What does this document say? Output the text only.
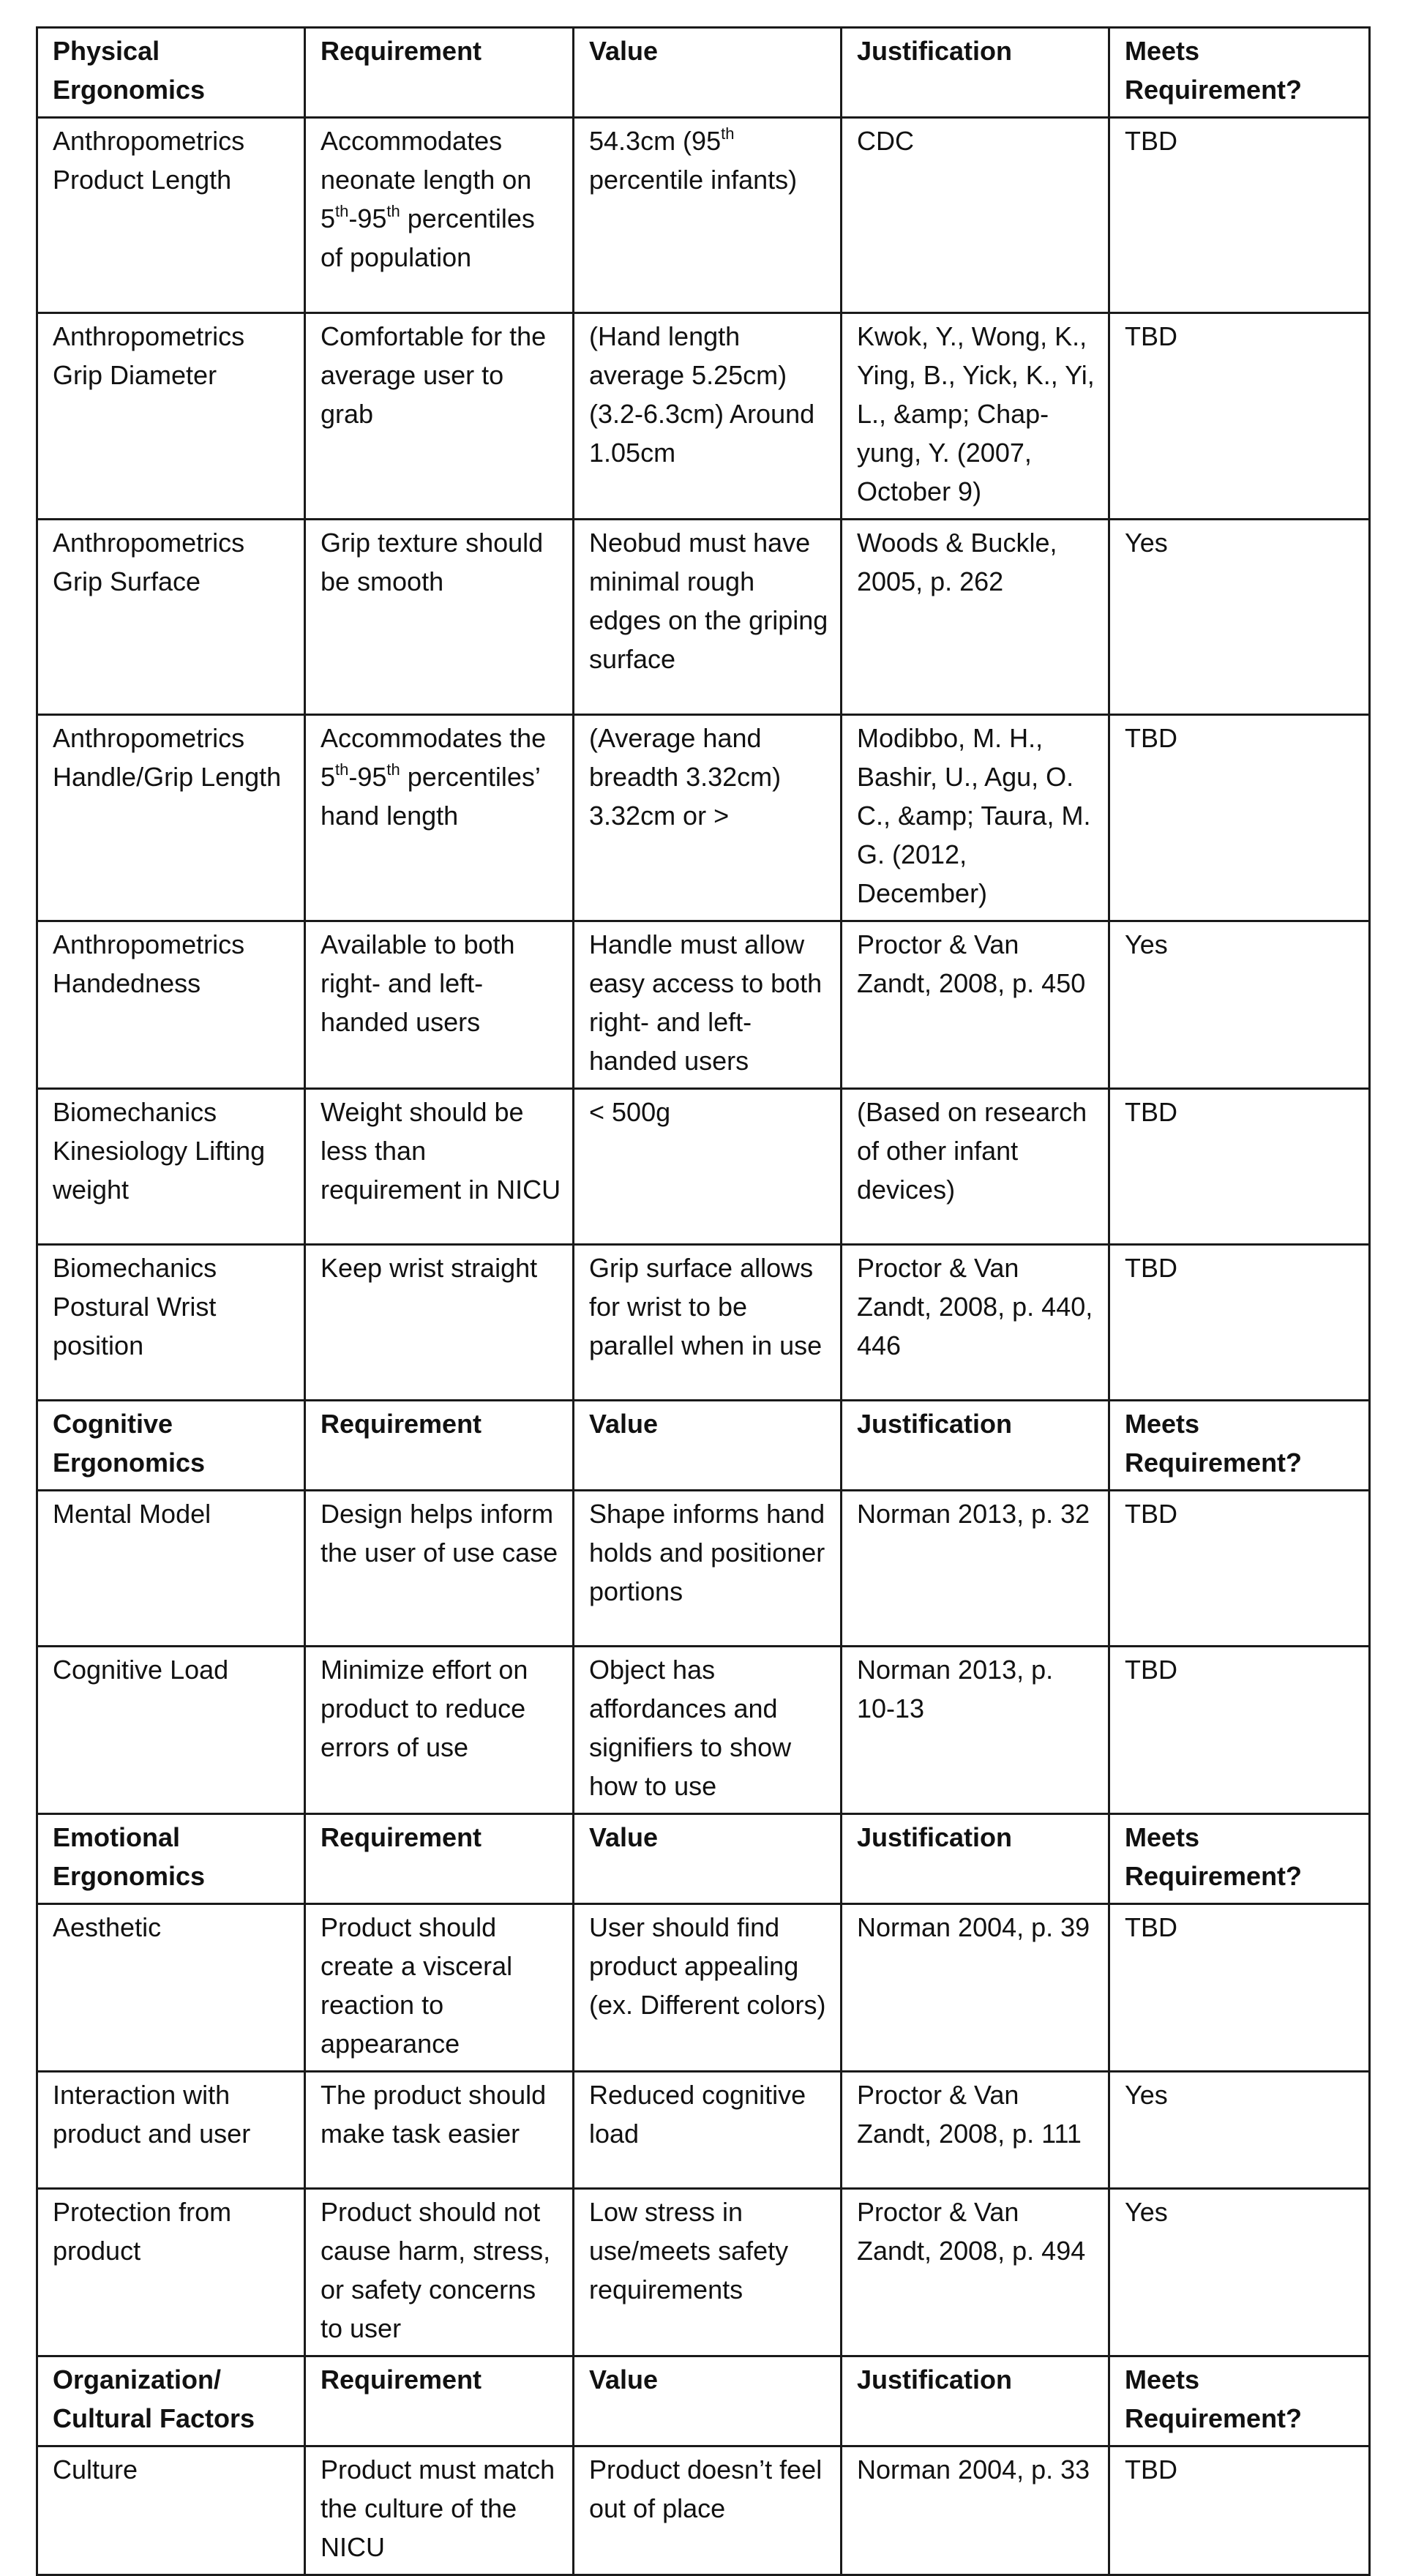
Physical Ergonomics	Requirement	Value	Justification	Meets Requirement?

Anthropometrics Product Length	Accommodates neonate length on 5th-95th percentiles of population	54.3cm (95th percentile infants)	CDC	TBD

Anthropometrics Grip Diameter	Comfortable for the average user to grab	(Hand length average 5.25cm) (3.2-6.3cm) Around 1.05cm	Kwok, Y., Wong, K., Ying, B., Yick, K., Yi, L., &amp; Chap-yung, Y. (2007, October 9)	TBD

Anthropometrics Grip Surface	Grip texture should be smooth	Neobud must have minimal rough edges on the griping surface	Woods & Buckle, 2005, p. 262	Yes

Anthropometrics Handle/Grip Length	Accommodates the 5th-95th percentiles’ hand length	(Average hand breadth 3.32cm) 3.32cm or >	Modibbo, M. H., Bashir, U., Agu, O. C., &amp; Taura, M. G. (2012, December)	TBD

Anthropometrics Handedness	Available to both right- and left-handed users	Handle must allow easy access to both right- and left-handed users	Proctor & Van Zandt, 2008, p. 450	Yes

Biomechanics Kinesiology Lifting weight	Weight should be less than requirement in NICU	< 500g	(Based on research of other infant devices)	TBD

Biomechanics Postural Wrist position	Keep wrist straight	Grip surface allows for wrist to be parallel when in use	Proctor & Van Zandt, 2008, p. 440, 446	TBD

Cognitive Ergonomics	Requirement	Value	Justification	Meets Requirement?

Mental Model	Design helps inform the user of use case	Shape informs hand holds and positioner portions	Norman 2013, p. 32	TBD

Cognitive Load	Minimize effort on product to reduce errors of use	Object has affordances and signifiers to show how to use	Norman 2013, p. 10-13	TBD

Emotional Ergonomics	Requirement	Value	Justification	Meets Requirement?

Aesthetic	Product should create a visceral reaction to appearance	User should find product appealing (ex. Different colors)	Norman 2004, p. 39	TBD

Interaction with product and user	The product should make task easier	Reduced cognitive load	Proctor & Van Zandt, 2008, p. 111	Yes

Protection from product	Product should not cause harm, stress, or safety concerns to user	Low stress in use/meets safety requirements	Proctor & Van Zandt, 2008, p. 494	Yes

Organization/ Cultural Factors	Requirement	Value	Justification	Meets Requirement?

Culture	Product must match the culture of the NICU	Product doesn’t feel out of place	Norman 2004, p. 33	TBD
